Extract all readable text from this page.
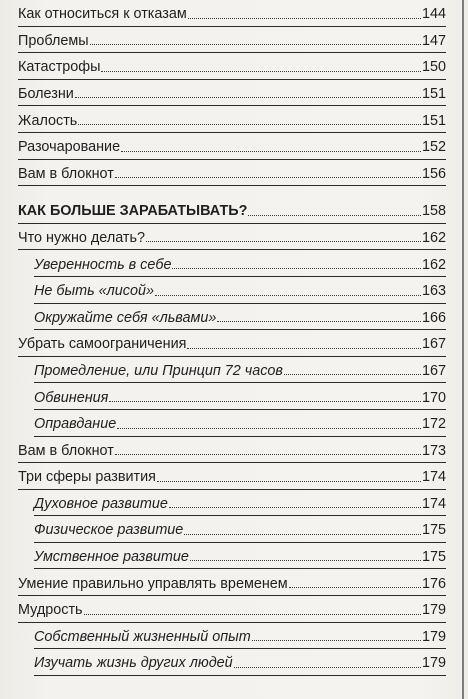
Как относиться к отказам	144
Проблемы	147
Катастрофы	150
Болезни	151
Жалость	151
Разочарование	152
Вам в блокнот	156
КАК БОЛЬШЕ ЗАРАБАТЫВАТЬ?	158
Что нужно делать?	162
Уверенность в себе	162
Не быть «лисой»	163
Окружайте себя «львами»	166
Убрать самоограничения	167
Промедление, или Принцип 72 часов	167
Обвинения	170
Оправдание	172
Вам в блокнот	173
Три сферы развития	174
Духовное развитие	174
Физическое развитие	175
Умственное развитие	175
Умение правильно управлять временем	176
Мудрость	179
Собственный жизненный опыт	179
Изучать жизнь других людей	179
